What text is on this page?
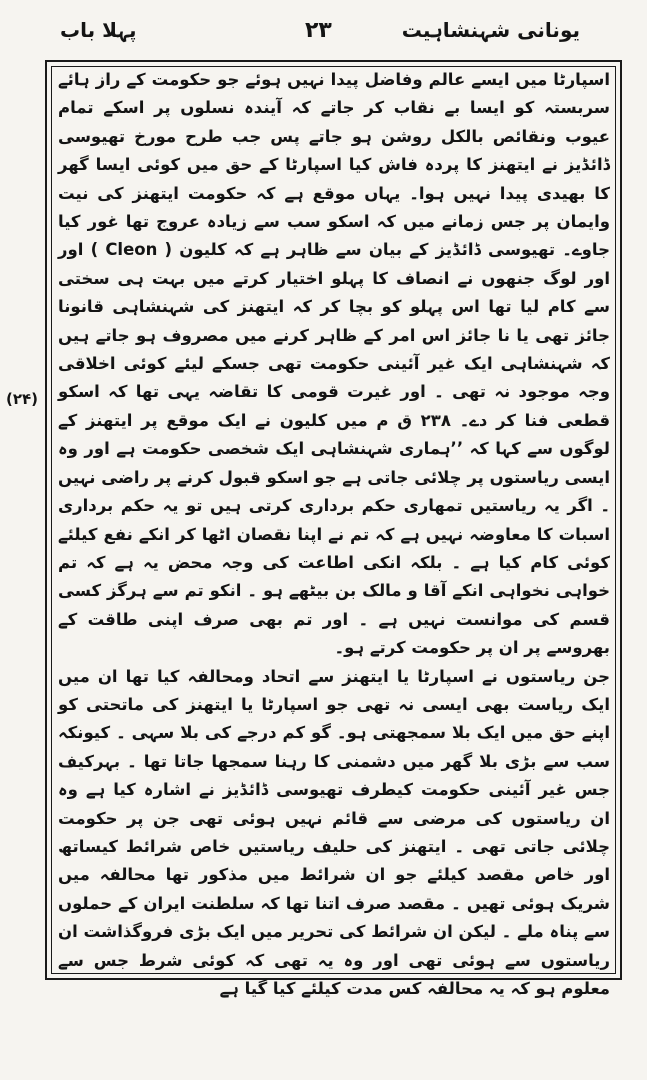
پہلا باب	۲۳	یونانی شہنشاہیت
(۲۴)

اسپارٹا میں ایسے عالم وفاضل پیدا نہیں ہوئے جو حکومت کے راز ہائے سربستہ کو ایسا بے نقاب کر جاتے کہ آیندہ نسلوں پر اسکے تمام عیوب ونقائص بالکل روشن ہو جاتے پس جب طرح مورخ تھیوسی ڈائڈیز نے ایتھنز کا پردہ فاش کیا اسپارٹا کے حق میں کوئی ایسا گھر کا بھیدی پیدا نہیں ہوا۔ یہاں موقع ہے کہ حکومت ایتھنز کی نیت وایمان پر جس زمانے میں کہ اسکو سب سے زیادہ عروج تھا غور کیا جاوے۔ تھیوسی ڈائڈیز کے بیان سے ظاہر ہے کہ کلیون ( Cleon ) اور اور لوگ جنھوں نے انصاف کا پہلو اختیار کرتے میں بہت ہی سختی سے کام لیا تھا اس پہلو کو بچا کر کہ ایتھنز کی شہنشاہی قانونا جائز تھی یا نا جائز اس امر کے ظاہر کرنے میں مصروف ہو جاتے ہیں کہ شہنشاہی ایک غیر آئینی حکومت تھی جسکے لیئے کوئی اخلاقی وجہ موجود نہ تھی ۔ اور غیرت قومی کا تقاضہ یہی تھا کہ اسکو قطعی فنا کر دے۔ ۲۳۸ ق م میں کلیون نے ایک موقع پر ایتھنز کے لوگوں سے کہا کہ ’’ہماری شہنشاہی ایک شخصی حکومت ہے اور وہ ایسی ریاستوں پر چلائی جاتی ہے جو اسکو قبول کرنے پر راضی نہیں ۔ اگر یہ ریاستیں تمھاری حکم برداری کرتی ہیں تو یہ حکم برداری اسبات کا معاوضہ نہیں ہے کہ تم نے اپنا نقصان اٹھا کر انکے نفع کیلئے کوئی کام کیا ہے ۔ بلکہ انکی اطاعت کی وجہ محض یہ ہے کہ تم خواہی نخواہی انکے آقا و مالک بن بیٹھے ہو ۔ انکو تم سے ہرگز کسی قسم کی موانست نہیں ہے ۔ اور تم بھی صرف اپنی طاقت کے بھروسے پر ان پر حکومت کرتے ہو۔

جن ریاستوں نے اسپارٹا یا ایتھنز سے اتحاد ومحالفہ کیا تھا ان میں ایک ریاست بھی ایسی نہ تھی جو اسپارٹا یا ایتھنز کی ماتحتی کو اپنے حق میں ایک بلا سمجھتی ہو۔ گو کم درجے کی بلا سہی ۔ کیونکہ سب سے بڑی بلا گھر میں دشمنی کا رہنا سمجھا جاتا تھا ۔ بہرکیف جس غیر آئینی حکومت کیطرف تھیوسی ڈائڈیز نے اشارہ کیا ہے وہ ان ریاستوں کی مرضی سے قائم نہیں ہوئی تھی جن پر حکومت چلائی جاتی تھی ۔ ایتھنز کی حلیف ریاستیں خاص شرائط کیساتھ اور خاص مقصد کیلئے جو ان شرائط میں مذکور تھا محالفہ میں شریک ہوئی تھیں ۔ مقصد صرف اتنا تھا کہ سلطنت ایران کے حملوں سے پناہ ملے ۔ لیکن ان شرائط کی تحریر میں ایک بڑی فروگذاشت ان ریاستوں سے ہوئی تھی اور وہ یہ تھی کہ کوئی شرط جس سے معلوم ہو کہ یہ محالفہ کس مدت کیلئے کیا گیا ہے
